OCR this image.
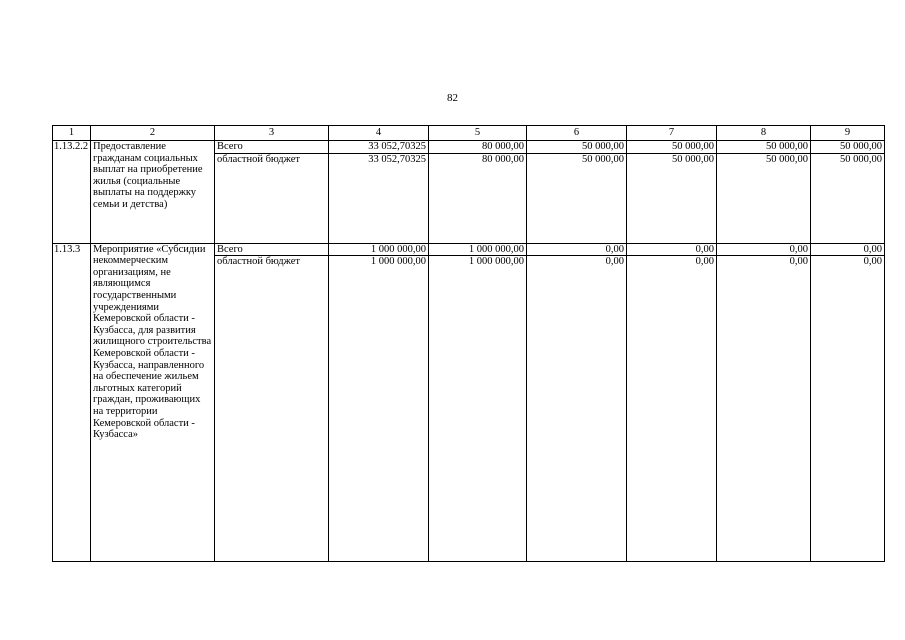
82
1	2	3	4	5	6	7	8	9
1.13.2.2	Предоставление гражданам социальных выплат на приобретение жилья (социальные выплаты на поддержку семьи и детства)	Всего	33 052,70325	80 000,00	50 000,00	50 000,00	50 000,00	50 000,00
		областной бюджет	33 052,70325	80 000,00	50 000,00	50 000,00	50 000,00	50 000,00
1.13.3	Мероприятие «Субсидии некоммерческим организациям, не являющимся государственными учреждениями Кемеровской области - Кузбасса, для развития жилищного строительства Кемеровской области - Кузбасса, направленного на обеспечение жильем льготных категорий граждан, проживающих на территории Кемеровской области - Кузбасса»	Всего	1 000 000,00	1 000 000,00	0,00	0,00	0,00	0,00
		областной бюджет	1 000 000,00	1 000 000,00	0,00	0,00	0,00	0,00
